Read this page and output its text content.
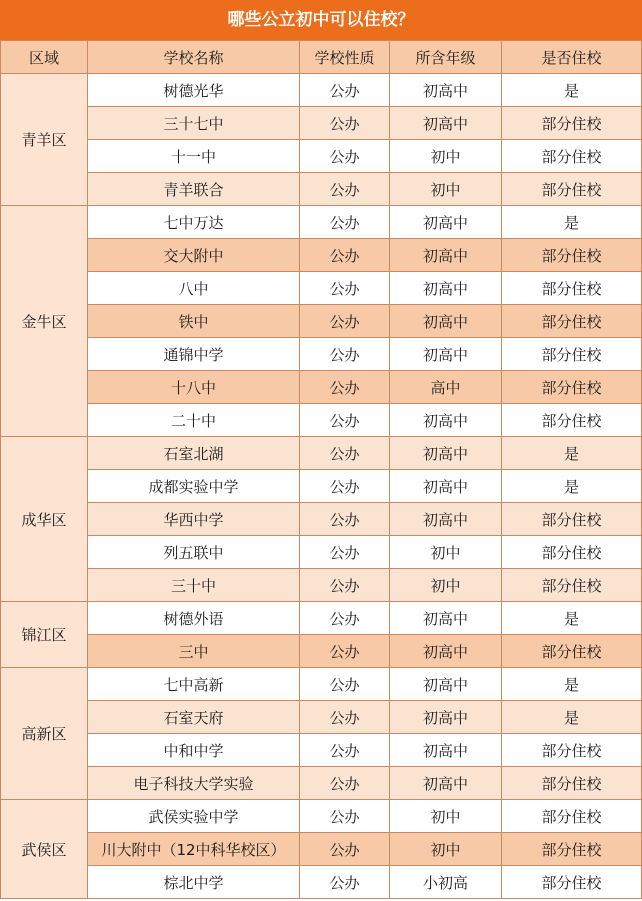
哪些公立初中可以住校？
区域	学校名称	学校性质	所含年级	是否住校
青羊区	树德光华	公办	初高中	是
	三十七中	公办	初高中	部分住校
	十一中	公办	初中	部分住校
	青羊联合	公办	初中	部分住校
金牛区	七中万达	公办	初高中	是
	交大附中	公办	初高中	部分住校
	八中	公办	初高中	部分住校
	铁中	公办	初高中	部分住校
	通锦中学	公办	初高中	部分住校
	十八中	公办	高中	部分住校
	二十中	公办	初高中	部分住校
成华区	石室北湖	公办	初高中	是
	成都实验中学	公办	初高中	是
	华西中学	公办	初高中	部分住校
	列五联中	公办	初中	部分住校
	三十中	公办	初中	部分住校
锦江区	树德外语	公办	初高中	是
	三中	公办	初高中	部分住校
高新区	七中高新	公办	初高中	是
	石室天府	公办	初高中	是
	中和中学	公办	初高中	部分住校
	电子科技大学实验	公办	初高中	部分住校
武侯区	武侯实验中学	公办	初中	部分住校
	川大附中（12中科华校区）	公办	初中	部分住校
	棕北中学	公办	小初高	部分住校
